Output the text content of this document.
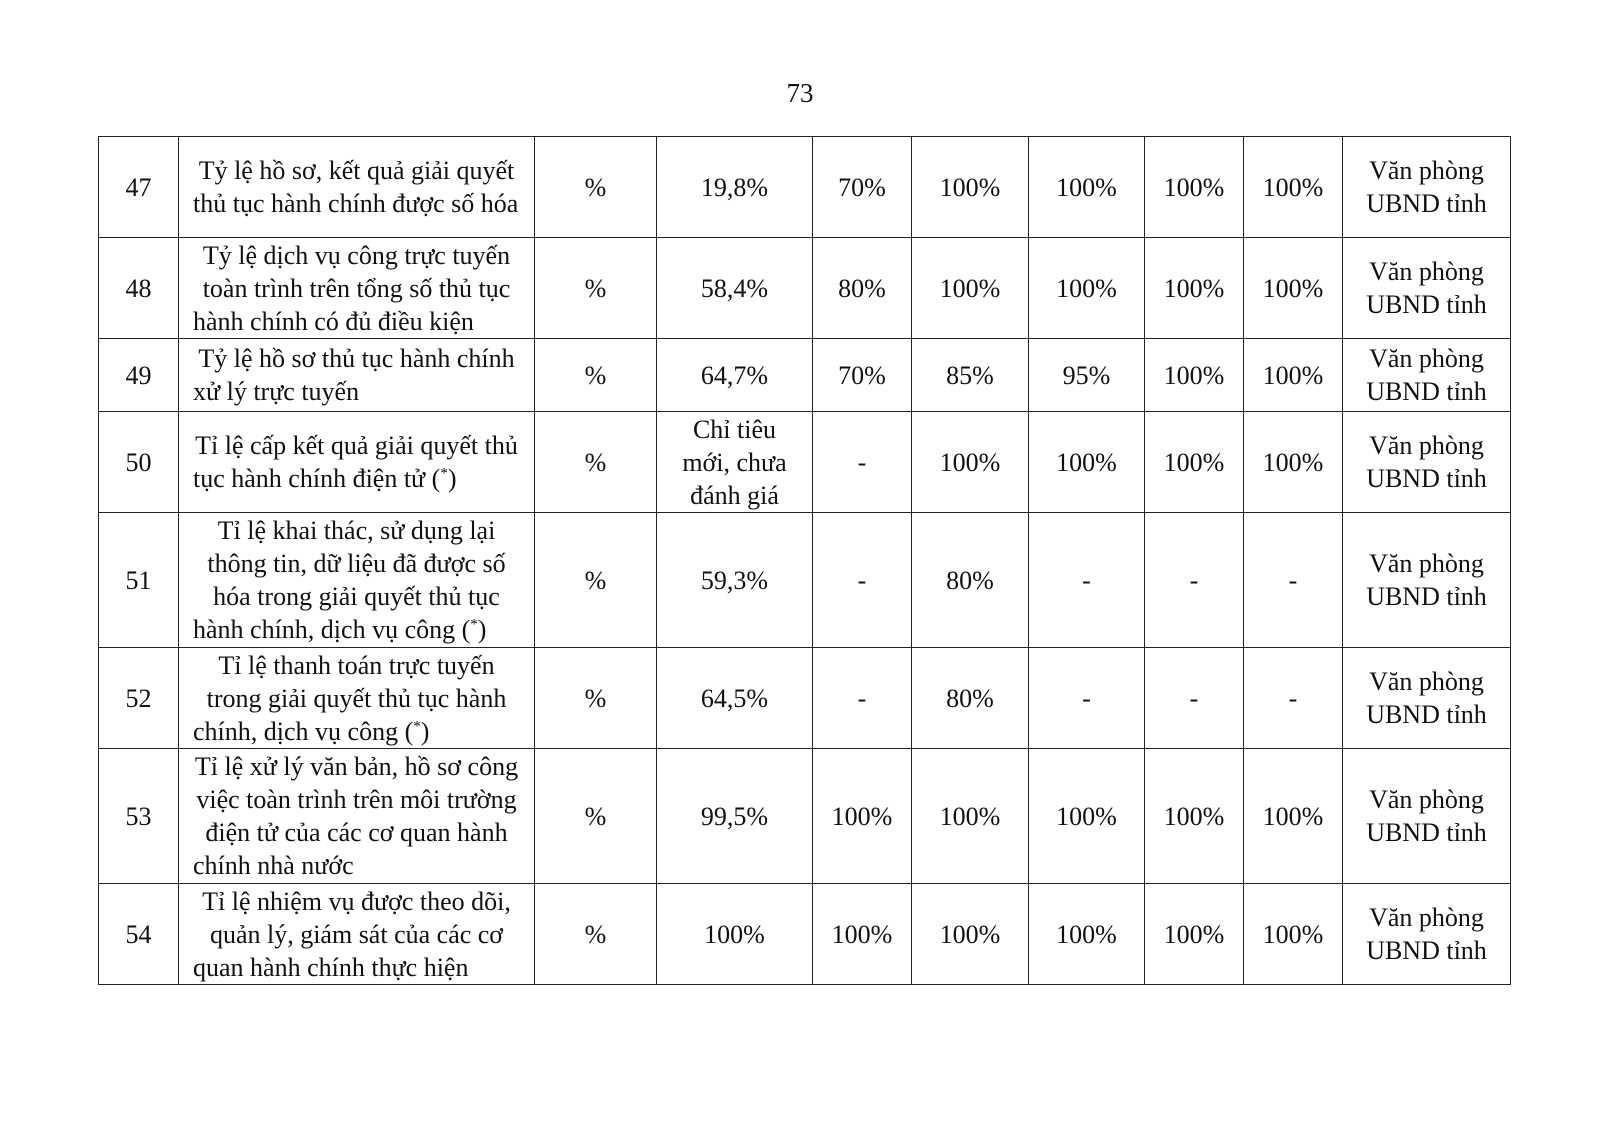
73
47	Tỷ lệ hồ sơ, kết quả giải quyết thủ tục hành chính được số hóa	%	19,8%	70%	100%	100%	100%	100%	Văn phòng
UBND tỉnh

48	Tỷ lệ dịch vụ công trực tuyến toàn trình trên tổng số thủ tục hành chính có đủ điều kiện	%	58,4%	80%	100%	100%	100%	100%	Văn phòng
UBND tỉnh

49	Tỷ lệ hồ sơ thủ tục hành chính xử lý trực tuyến	%	64,7%	70%	85%	95%	100%	100%	Văn phòng
UBND tỉnh

50	Tỉ lệ cấp kết quả giải quyết thủ tục hành chính điện tử (*)	%	Chỉ tiêu
mới, chưa
đánh giá	-	100%	100%	100%	100%	Văn phòng
UBND tỉnh

51	Tỉ lệ khai thác, sử dụng lại thông tin, dữ liệu đã được số hóa trong giải quyết thủ tục hành chính, dịch vụ công (*)	%	59,3%	-	80%	-	-	-	Văn phòng
UBND tỉnh

52	Tỉ lệ thanh toán trực tuyến trong giải quyết thủ tục hành chính, dịch vụ công (*)	%	64,5%	-	80%	-	-	-	Văn phòng
UBND tỉnh

53	Tỉ lệ xử lý văn bản, hồ sơ công việc toàn trình trên môi trường điện tử của các cơ quan hành chính nhà nước	%	99,5%	100%	100%	100%	100%	100%	Văn phòng
UBND tỉnh

54	Tỉ lệ nhiệm vụ được theo dõi, quản lý, giám sát của các cơ quan hành chính thực hiện	%	100%	100%	100%	100%	100%	100%	Văn phòng
UBND tỉnh
